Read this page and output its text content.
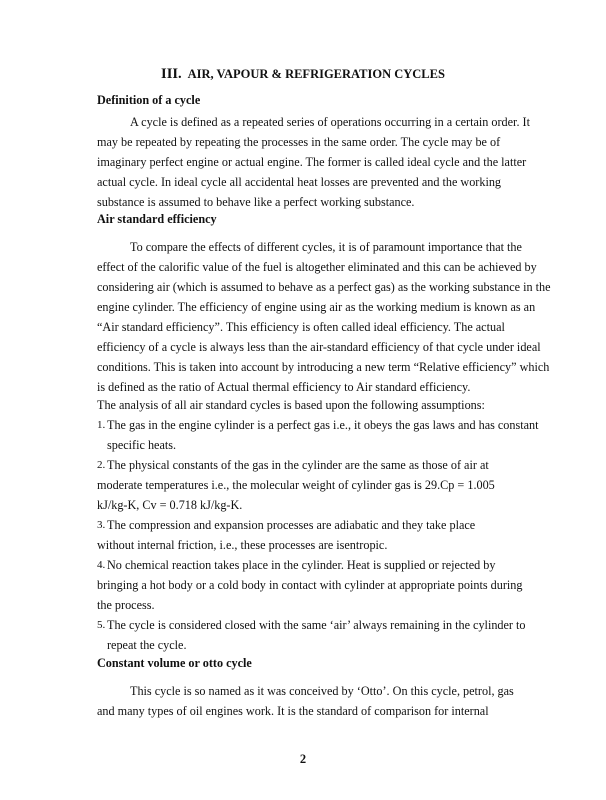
III. AIR, VAPOUR & REFRIGERATION CYCLES
Definition of a cycle
A cycle is defined as a repeated series of operations occurring in a certain order. It
may be repeated by repeating the processes in the same order. The cycle may be of
imaginary perfect engine or actual engine. The former is called ideal cycle and the latter
actual cycle. In ideal cycle all accidental heat losses are prevented and the working
substance is assumed to behave like a perfect working substance.
Air standard efficiency
To compare the effects of different cycles, it is of paramount importance that the
effect of the calorific value of the fuel is altogether eliminated and this can be achieved by
considering air (which is assumed to behave as a perfect gas) as the working substance in the
engine cylinder. The efficiency of engine using air as the working medium is known as an
“Air standard efficiency”. This efficiency is often called ideal efficiency. The actual
efficiency of a cycle is always less than the air-standard efficiency of that cycle under ideal
conditions. This is taken into account by introducing a new term “Relative efficiency” which
is defined as the ratio of Actual thermal efficiency to Air standard efficiency.
The analysis of all air standard cycles is based upon the following assumptions:
1. The gas in the engine cylinder is a perfect gas i.e., it obeys the gas laws and has constant
specific heats.
2. The physical constants of the gas in the cylinder are the same as those of air at
moderate temperatures i.e., the molecular weight of cylinder gas is 29.Cp = 1.005
kJ/kg-K, Cv = 0.718 kJ/kg-K.
3. The compression and expansion processes are adiabatic and they take place
without internal friction, i.e., these processes are isentropic.
4. No chemical reaction takes place in the cylinder. Heat is supplied or rejected by
bringing a hot body or a cold body in contact with cylinder at appropriate points during
the process.
5. The cycle is considered closed with the same ‘air’ always remaining in the cylinder to
repeat the cycle.
Constant volume or otto cycle
This cycle is so named as it was conceived by ‘Otto’. On this cycle, petrol, gas
and many types of oil engines work. It is the standard of comparison for internal
2
